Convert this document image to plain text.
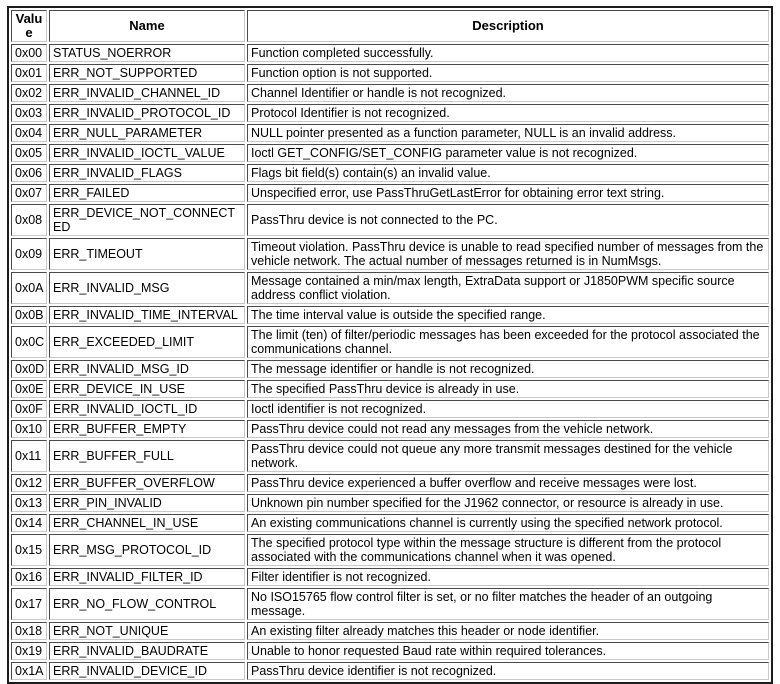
Value	Name	Description
0x00	STATUS_NOERROR	Function completed successfully.
0x01	ERR_NOT_SUPPORTED	Function option is not supported.
0x02	ERR_INVALID_CHANNEL_ID	Channel Identifier or handle is not recognized.
0x03	ERR_INVALID_PROTOCOL_ID	Protocol Identifier is not recognized.
0x04	ERR_NULL_PARAMETER	NULL pointer presented as a function parameter, NULL is an invalid address.
0x05	ERR_INVALID_IOCTL_VALUE	Ioctl GET_CONFIG/SET_CONFIG parameter value is not recognized.
0x06	ERR_INVALID_FLAGS	Flags bit field(s) contain(s) an invalid value.
0x07	ERR_FAILED	Unspecified error, use PassThruGetLastError for obtaining error text string.
0x08	ERR_DEVICE_NOT_CONNECTED	PassThru device is not connected to the PC.
0x09	ERR_TIMEOUT	Timeout violation. PassThru device is unable to read specified number of messages from the vehicle network. The actual number of messages returned is in NumMsgs.
0x0A	ERR_INVALID_MSG	Message contained a min/max length, ExtraData support or J1850PWM specific source address conflict violation.
0x0B	ERR_INVALID_TIME_INTERVAL	The time interval value is outside the specified range.
0x0C	ERR_EXCEEDED_LIMIT	The limit (ten) of filter/periodic messages has been exceeded for the protocol associated the communications channel.
0x0D	ERR_INVALID_MSG_ID	The message identifier or handle is not recognized.
0x0E	ERR_DEVICE_IN_USE	The specified PassThru device is already in use.
0x0F	ERR_INVALID_IOCTL_ID	Ioctl identifier is not recognized.
0x10	ERR_BUFFER_EMPTY	PassThru device could not read any messages from the vehicle network.
0x11	ERR_BUFFER_FULL	PassThru device could not queue any more transmit messages destined for the vehicle network.
0x12	ERR_BUFFER_OVERFLOW	PassThru device experienced a buffer overflow and receive messages were lost.
0x13	ERR_PIN_INVALID	Unknown pin number specified for the J1962 connector, or resource is already in use.
0x14	ERR_CHANNEL_IN_USE	An existing communications channel is currently using the specified network protocol.
0x15	ERR_MSG_PROTOCOL_ID	The specified protocol type within the message structure is different from the protocol associated with the communications channel when it was opened.
0x16	ERR_INVALID_FILTER_ID	Filter identifier is not recognized.
0x17	ERR_NO_FLOW_CONTROL	No ISO15765 flow control filter is set, or no filter matches the header of an outgoing message.
0x18	ERR_NOT_UNIQUE	An existing filter already matches this header or node identifier.
0x19	ERR_INVALID_BAUDRATE	Unable to honor requested Baud rate within required tolerances.
0x1A	ERR_INVALID_DEVICE_ID	PassThru device identifier is not recognized.
